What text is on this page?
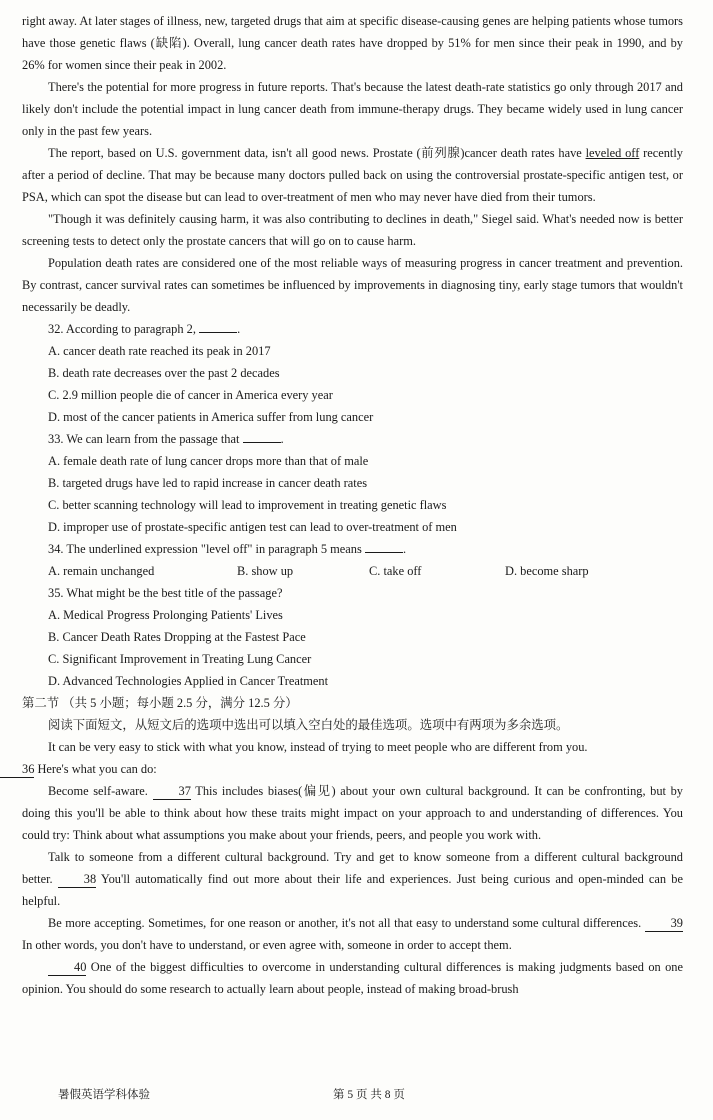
right away. At later stages of illness, new, targeted drugs that aim at specific disease-causing genes are helping patients whose tumors have those genetic flaws (缺陷). Overall, lung cancer death rates have dropped by 51% for men since their peak in 1990, and by 26% for women since their peak in 2002.

There's the potential for more progress in future reports. That's because the latest death-rate statistics go only through 2017 and likely don't include the potential impact in lung cancer death from immune-therapy drugs. They became widely used in lung cancer only in the past few years.

The report, based on U.S. government data, isn't all good news. Prostate (前列腺)cancer death rates have leveled off recently after a period of decline. That may be because many doctors pulled back on using the controversial prostate-specific antigen test, or PSA, which can spot the disease but can lead to over-treatment of men who may never have died from their tumors.

"Though it was definitely causing harm, it was also contributing to declines in death," Siegel said. What's needed now is better screening tests to detect only the prostate cancers that will go on to cause harm.

Population death rates are considered one of the most reliable ways of measuring progress in cancer treatment and prevention. By contrast, cancer survival rates can sometimes be influenced by improvements in diagnosing tiny, early stage tumors that wouldn't necessarily be deadly.

32. According to paragraph 2,	.
A. cancer death rate reached its peak in 2017
B. death rate decreases over the past 2 decades
C. 2.9 million people die of cancer in America every year
D. most of the cancer patients in America suffer from lung cancer
33. We can learn from the passage that	.
A. female death rate of lung cancer drops more than that of male
B. targeted drugs have led to rapid increase in cancer death rates
C. better scanning technology will lead to improvement in treating genetic flaws
D. improper use of prostate-specific antigen test can lead to over-treatment of men
34. The underlined expression "level off" in paragraph 5 means	.
A. remain unchanged	B. show up	C. take off	D. become sharp
35. What might be the best title of the passage?
A. Medical Progress Prolonging Patients' Lives
B. Cancer Death Rates Dropping at the Fastest Pace
C. Significant Improvement in Treating Lung Cancer
D. Advanced Technologies Applied in Cancer Treatment
第二节 （共 5 小题；每小题 2.5 分，满分 12.5 分）
阅读下面短文，从短文后的选项中选出可以填入空白处的最佳选项。选项中有两项为多余选项。

It can be very easy to stick with what you know, instead of trying to meet people who are different from you.
36 Here's what you can do:

Become self-aware. 37 This includes biases(偏见) about your own cultural background. It can be confronting, but by doing this you'll be able to think about how these traits might impact on your approach to and understanding of differences. You could try: Think about what assumptions you make about your friends, peers, and people you work with.

Talk to someone from a different cultural background. Try and get to know someone from a different cultural background better. 38 You'll automatically find out more about their life and experiences. Just being curious and open-minded can be helpful.

Be more accepting. Sometimes, for one reason or another, it's not all that easy to understand some cultural differences. 39 In other words, you don't have to understand, or even agree with, someone in order to accept them.

40 One of the biggest difficulties to overcome in understanding cultural differences is making judgments based on one opinion. You should do some research to actually learn about people, instead of making broad-brush

暑假英语学科体验	第 5 页 共 8 页
